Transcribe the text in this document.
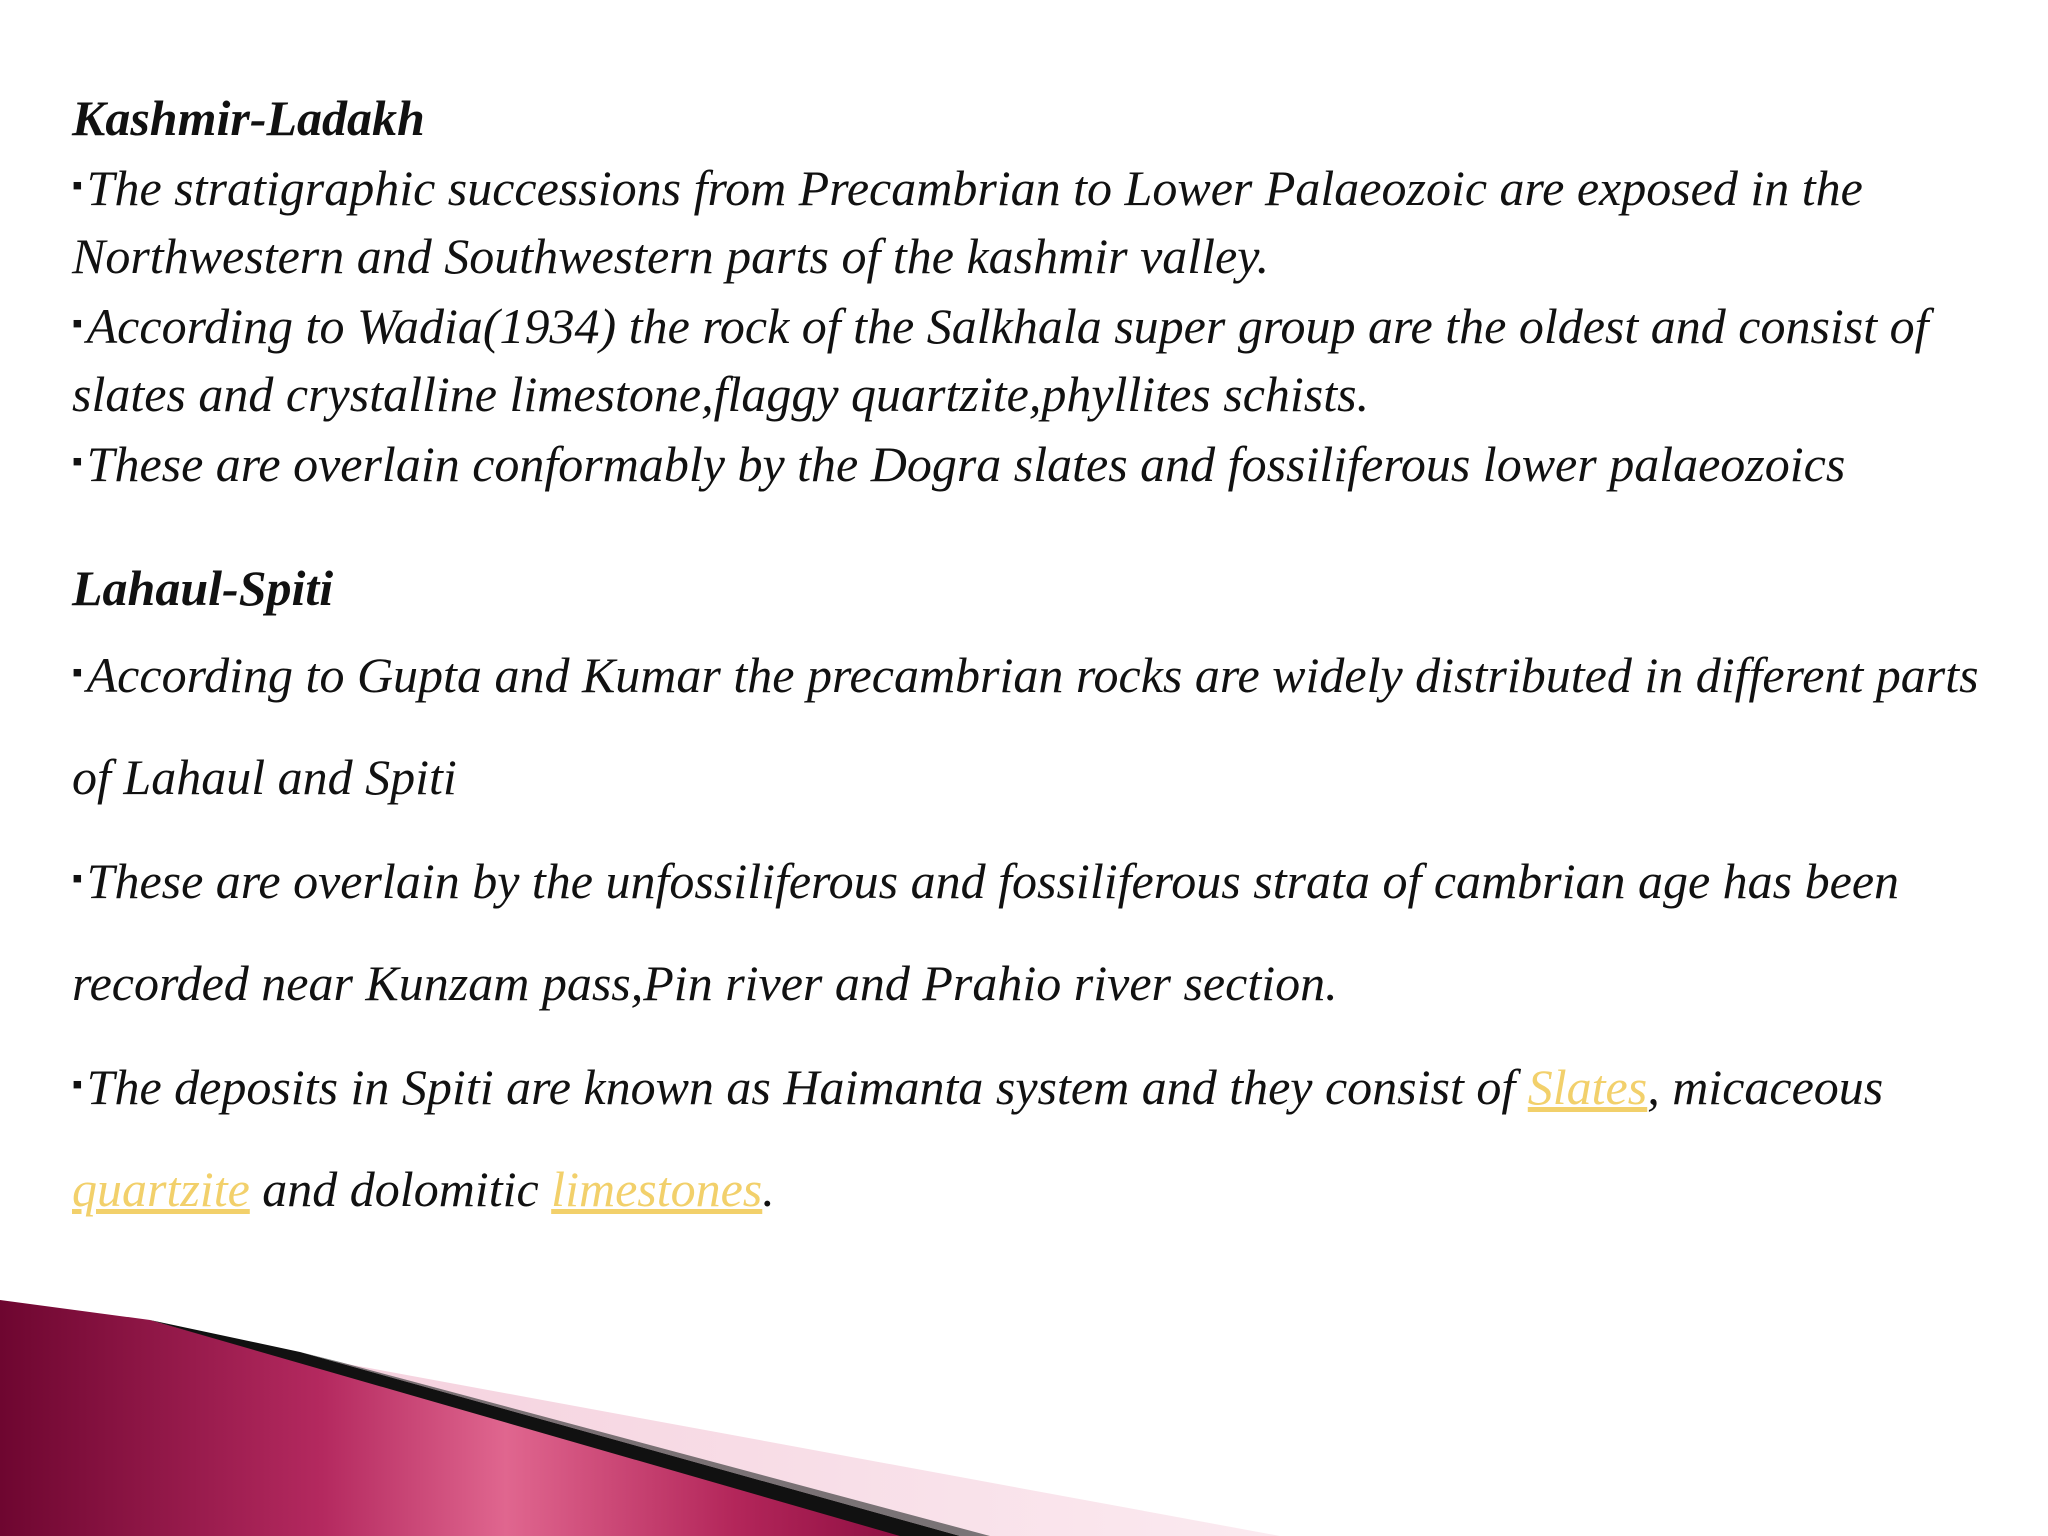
Kashmir-Ladakh

▪The stratigraphic successions from Precambrian to Lower Palaeozoic are exposed in the Northwestern and Southwestern parts of the kashmir valley.

▪According to Wadia(1934) the rock of the Salkhala super group are the oldest and consist of slates and crystalline limestone,flaggy quartzite,phyllites schists.

▪These are overlain conformably by the Dogra slates and fossiliferous lower palaeozoics

Lahaul-Spiti

▪According to Gupta and Kumar the precambrian rocks are widely distributed in different parts of Lahaul and Spiti

▪These are overlain by the unfossiliferous and fossiliferous strata of cambrian age has been recorded near Kunzam pass,Pin river and Prahio river section.

▪The deposits in Spiti are known as Haimanta system and they consist of Slates, micaceous quartzite and dolomitic limestones.
